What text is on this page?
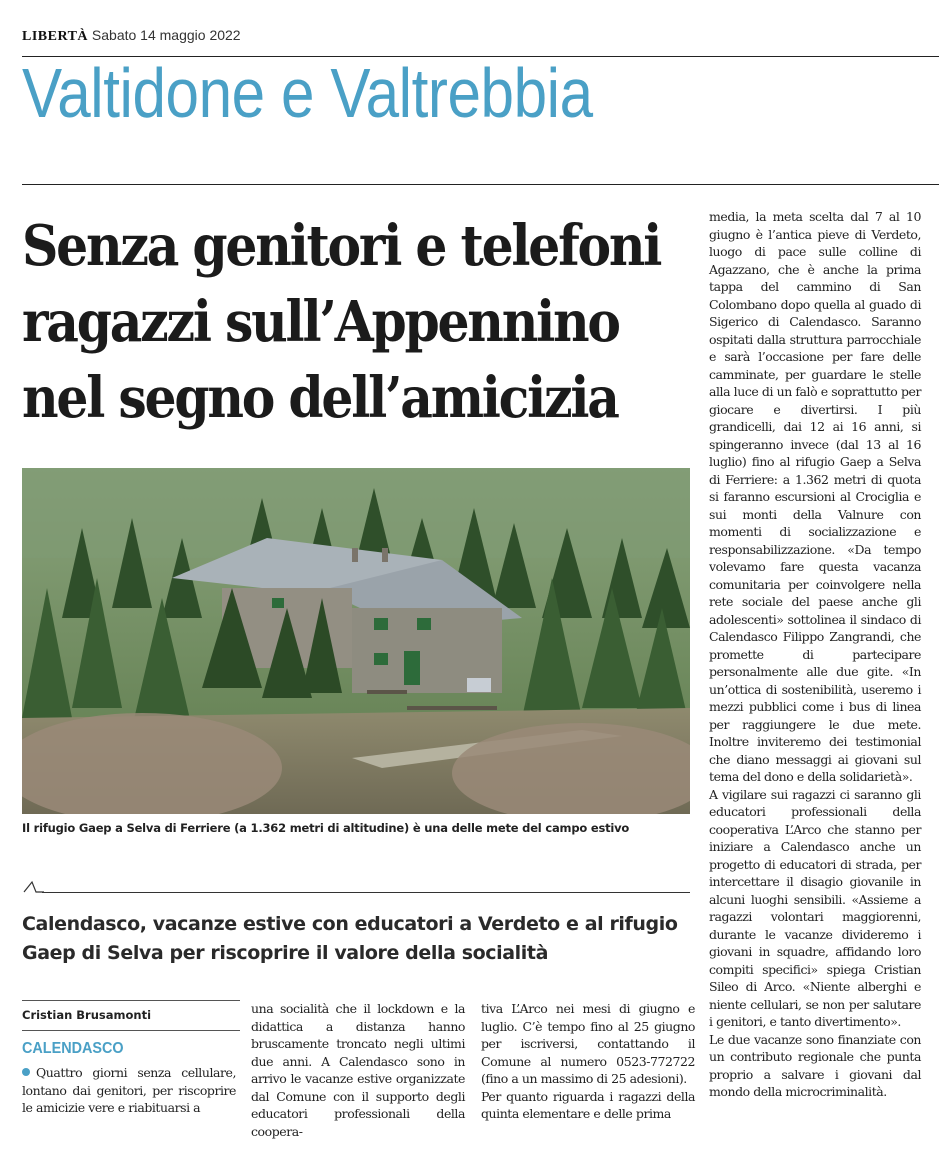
LIBERTÀ Sabato 14 maggio 2022
Valtidone e Valtrebbia
Senza genitori e telefoni
ragazzi sull’Appennino
nel segno dell’amicizia
Il rifugio Gaep a Selva di Ferriere (a 1.362 metri di altitudine) è una delle mete del campo estivo
Calendasco, vacanze estive con educatori a Verdeto e al rifugio Gaep di Selva per riscoprire il valore della socialità
Cristian Brusamonti
CALENDASCO

Quattro giorni senza cellulare, lontano dai genitori, per riscoprire le amicizie vere e riabituarsi a

una socialità che il lockdown e la didattica a distanza hanno bruscamente troncato negli ultimi due anni. A Calendasco sono in arrivo le vacanze estive organizzate dal Comune con il supporto degli educatori professionali della coopera-

tiva L’Arco nei mesi di giugno e luglio. C’è tempo fino al 25 giugno per iscriversi, contattando il Comune al numero 0523-772722 (fino a un massimo di 25 adesioni).

Per quanto riguarda i ragazzi della quinta elementare e delle prima

media, la meta scelta dal 7 al 10 giugno è l’antica pieve di Verdeto, luogo di pace sulle colline di Agazzano, che è anche la prima tappa del cammino di San Colombano dopo quella al guado di Sigerico di Calendasco. Saranno ospitati dalla struttura parrocchiale e sarà l’occasione per fare delle camminate, per guardare le stelle alla luce di un falò e soprattutto per giocare e divertirsi. I più grandicelli, dai 12 ai 16 anni, si spingeranno invece (dal 13 al 16 luglio) fino al rifugio Gaep a Selva di Ferriere: a 1.362 metri di quota si faranno escursioni al Crociglia e sui monti della Valnure con momenti di socializzazione e responsabilizzazione. «Da tempo volevamo fare questa vacanza comunitaria per coinvolgere nella rete sociale del paese anche gli adolescenti» sottolinea il sindaco di Calendasco Filippo Zangrandi, che promette di partecipare personalmente alle due gite. «In un’ottica di sostenibilità, useremo i mezzi pubblici come i bus di linea per raggiungere le due mete. Inoltre inviteremo dei testimonial che diano messaggi ai giovani sul tema del dono e della solidarietà».

A vigilare sui ragazzi ci saranno gli educatori professionali della cooperativa L’Arco che stanno per iniziare a Calendasco anche un progetto di educatori di strada, per intercettare il disagio giovanile in alcuni luoghi sensibili. «Assieme a ragazzi volontari maggiorenni, durante le vacanze divideremo i giovani in squadre, affidando loro compiti specifici» spiega Cristian Sileo di Arco. «Niente alberghi e niente cellulari, se non per salutare i genitori, e tanto divertimento».

Le due vacanze sono finanziate con un contributo regionale che punta proprio a salvare i giovani dal mondo della microcriminalità.
